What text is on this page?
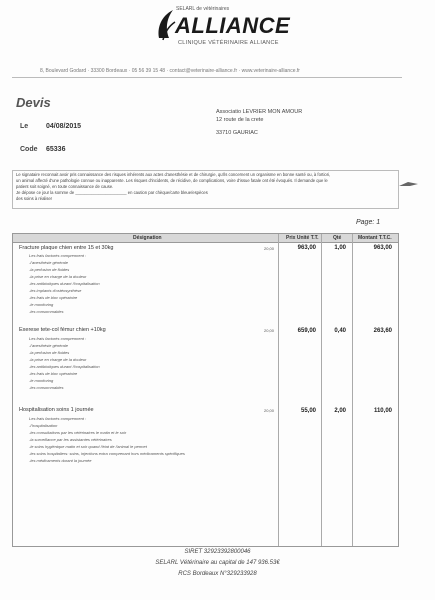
SELARL de vétérinaires
ALLIANCE
CLINIQUE VÉTÉRINAIRE ALLIANCE
8, Boulevard Godard · 33300 Bordeaux · 05 56 39 15 48 · contact@veterinaire-alliance.fr · www.veterinaire-alliance.fr
Devis
Le	04/08/2015
Code 65336
Associatio LEVRIER MON AMOUR
12 route de la crete
33710 GAURIAC
Le signataire reconnait avoir pris connaissance des risques inhérents aux actes d'anesthésie et de chirurgie, qu'ils concernent un organisme en bonne santé ou, à fortiori,
un animal affecté d'une pathologie connue ou inapparente. Les risques d'incidents, de récidive, de complications, voire d'issue fatale ont été évoqués. Il demande que le
patient soit soigné, en toute connaissance de cause.
Je dépose ce jour la somme de ______________________ en caution par chèque/carte bleue/espèces
des soins à réaliser
Page: 1
Désignation	Prix Unité T.T.	Qté	Montant T.T.C.
Fracture plaque chien entre 15 et 30kg	20,00	963,00	1,00	963,00
Les frais facturés comprennent :
-l'anesthésie générale
-la perfusion de fluides
-la prise en charge de la douleur
-les antibiotiques durant l'hospitalisation
-les implants d'ostéosynthèse
-les frais de bloc opératoire
-le monitoring
-les consommables
Exerese tete-col fémur chien +10kg	20,00	659,00	0,40	263,60
Les frais facturés comprennent :
-l'anesthésie générale
-la perfusion de fluides
-la prise en charge de la douleur
-les antibiotiques durant l'hospitalisation
-les frais de bloc opératoire
-le monitoring
-les consommables
Hospitalisation soins 1 journée	20,00	55,00	2,00	110,00
Les frais facturés comprennent :
-l'hospitalisation
-les consultations par les vétérinaires le matin et le soir
-la surveillance par les assistantes vétérinaires
-le soins hygiénique matin et soir quand l'état de l'animal le permet
-les soins hospitaliers: soins, injections extra comprenant hors médicaments spécifiques
-les médicaments durant la journée
SIRET 32923392800046
SELARL Vétérinaire au capital de 147 936.53€
RCS Bordeaux N°329233928
